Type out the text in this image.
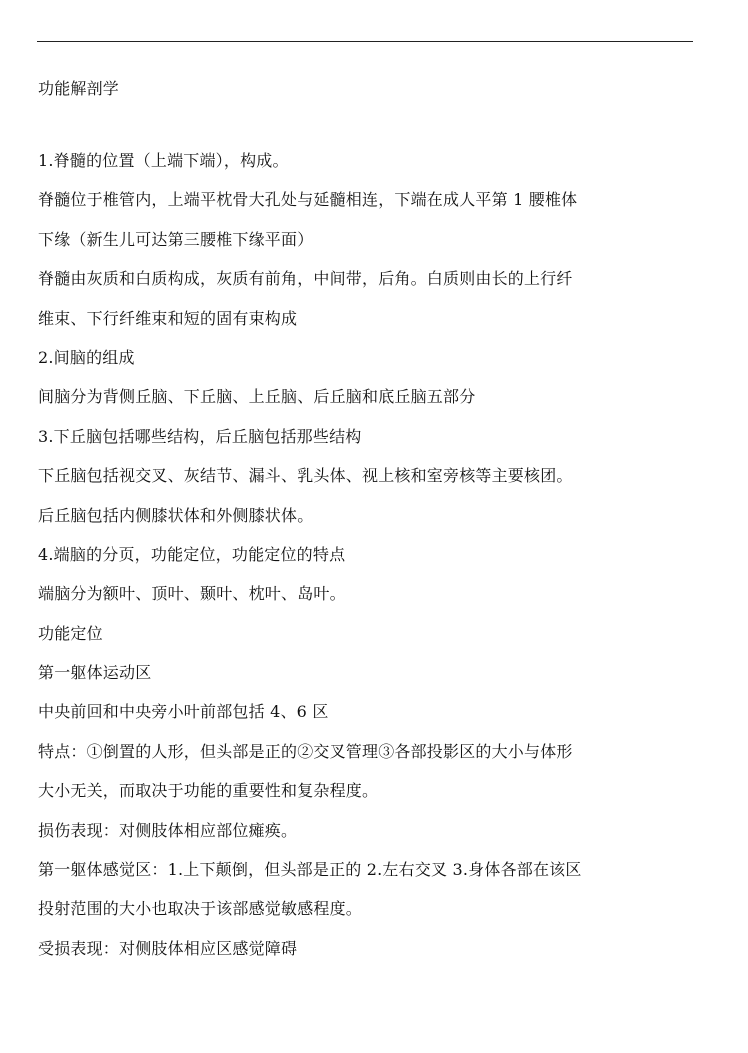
功能解剖学
1.脊髓的位置（上端下端），构成。
脊髓位于椎管内，上端平枕骨大孔处与延髓相连，下端在成人平第 1 腰椎体
下缘（新生儿可达第三腰椎下缘平面）
脊髓由灰质和白质构成，灰质有前角，中间带，后角。白质则由长的上行纤
维束、下行纤维束和短的固有束构成
2.间脑的组成
间脑分为背侧丘脑、下丘脑、上丘脑、后丘脑和底丘脑五部分
3.下丘脑包括哪些结构，后丘脑包括那些结构
下丘脑包括视交叉、灰结节、漏斗、乳头体、视上核和室旁核等主要核团。
后丘脑包括内侧膝状体和外侧膝状体。
4.端脑的分页，功能定位，功能定位的特点
端脑分为额叶、顶叶、颞叶、枕叶、岛叶。
功能定位
第一躯体运动区
中央前回和中央旁小叶前部包括 4、6 区
特点：①倒置的人形，但头部是正的②交叉管理③各部投影区的大小与体形
大小无关，而取决于功能的重要性和复杂程度。
损伤表现：对侧肢体相应部位瘫痪。
第一躯体感觉区：1.上下颠倒，但头部是正的 2.左右交叉 3.身体各部在该区
投射范围的大小也取决于该部感觉敏感程度。
受损表现：对侧肢体相应区感觉障碍
